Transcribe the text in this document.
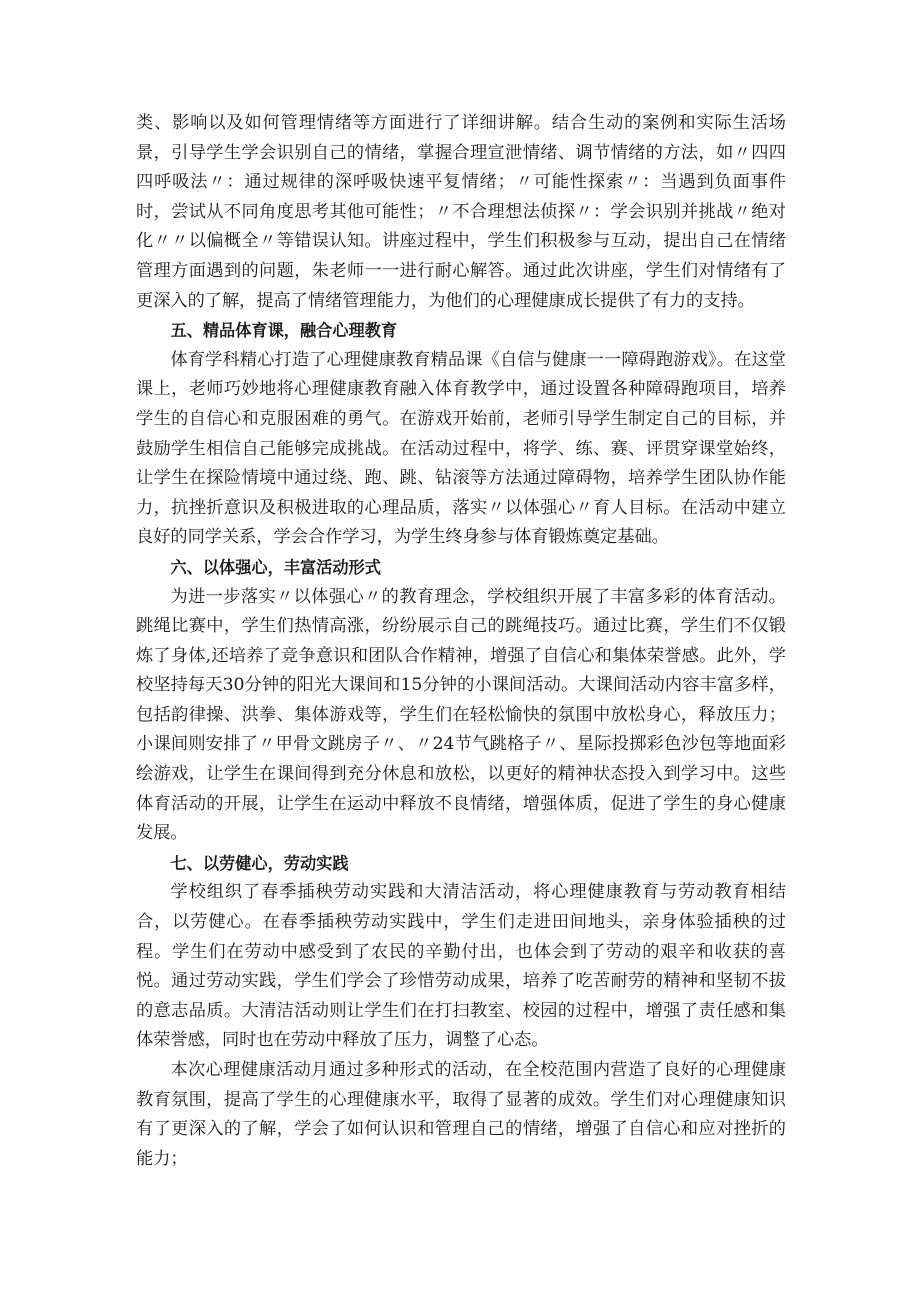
类、影响以及如何管理情绪等方面进行了详细讲解。结合生动的案例和实际生活场景，引导学生学会识别自己的情绪，掌握合理宣泄情绪、调节情绪的方法，如〃四四四呼吸法〃：通过规律的深呼吸快速平复情绪；〃可能性探索〃：当遇到负面事件时，尝试从不同角度思考其他可能性；〃不合理想法侦探〃：学会识别并挑战〃绝对化〃〃以偏概全〃等错误认知。讲座过程中，学生们积极参与互动，提出自己在情绪管理方面遇到的问题，朱老师一一进行耐心解答。通过此次讲座，学生们对情绪有了更深入的了解，提高了情绪管理能力，为他们的心理健康成长提供了有力的支持。

五、精品体育课，融合心理教育

体育学科精心打造了心理健康教育精品课《自信与健康一一障碍跑游戏》。在这堂课上，老师巧妙地将心理健康教育融入体育教学中，通过设置各种障碍跑项目，培养学生的自信心和克服困难的勇气。在游戏开始前，老师引导学生制定自己的目标，并鼓励学生相信自己能够完成挑战。在活动过程中，将学、练、赛、评贯穿课堂始终，让学生在探险情境中通过绕、跑、跳、钻滚等方法通过障碍物，培养学生团队协作能力，抗挫折意识及积极进取的心理品质，落实〃以体强心〃育人目标。在活动中建立良好的同学关系，学会合作学习，为学生终身参与体育锻炼奠定基础。

六、以体强心，丰富活动形式

为进一步落实〃以体强心〃的教育理念，学校组织开展了丰富多彩的体育活动。跳绳比赛中，学生们热情高涨，纷纷展示自己的跳绳技巧。通过比赛，学生们不仅锻炼了身体,还培养了竞争意识和团队合作精神，增强了自信心和集体荣誉感。此外，学校坚持每天30分钟的阳光大课间和15分钟的小课间活动。大课间活动内容丰富多样，包括韵律操、洪拳、集体游戏等，学生们在轻松愉快的氛围中放松身心，释放压力；小课间则安排了〃甲骨文跳房子〃、〃24节气跳格子〃、星际投掷彩色沙包等地面彩绘游戏，让学生在课间得到充分休息和放松，以更好的精神状态投入到学习中。这些体育活动的开展，让学生在运动中释放不良情绪，增强体质，促进了学生的身心健康发展。

七、以劳健心，劳动实践

学校组织了春季插秧劳动实践和大清洁活动，将心理健康教育与劳动教育相结合，以劳健心。在春季插秧劳动实践中，学生们走进田间地头，亲身体验插秧的过程。学生们在劳动中感受到了农民的辛勤付出，也体会到了劳动的艰辛和收获的喜悦。通过劳动实践，学生们学会了珍惜劳动成果，培养了吃苦耐劳的精神和坚韧不拔的意志品质。大清洁活动则让学生们在打扫教室、校园的过程中，增强了责任感和集体荣誉感，同时也在劳动中释放了压力，调整了心态。

本次心理健康活动月通过多种形式的活动，在全校范围内营造了良好的心理健康教育氛围，提高了学生的心理健康水平，取得了显著的成效。学生们对心理健康知识有了更深入的了解，学会了如何认识和管理自己的情绪，增强了自信心和应对挫折的能力；
